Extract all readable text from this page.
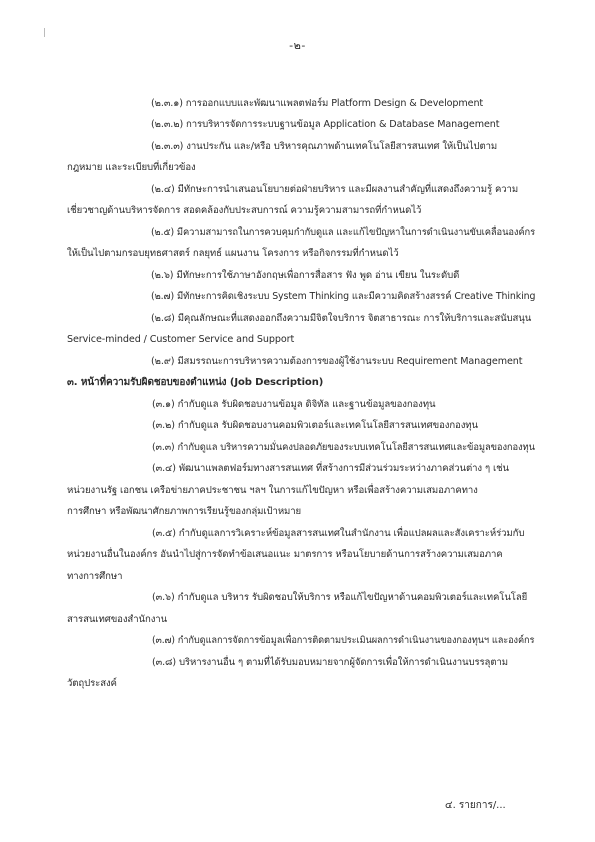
-๒-
(๒.๓.๑) การออกแบบและพัฒนาแพลตฟอร์ม Platform Design & Development
(๒.๓.๒) การบริหารจัดการระบบฐานข้อมูล Application & Database Management
(๒.๓.๓) งานประกัน และ/หรือ บริหารคุณภาพด้านเทคโนโลยีสารสนเทศ ให้เป็นไปตาม
กฎหมาย และระเบียบที่เกี่ยวข้อง
(๒.๔) มีทักษะการนำเสนอนโยบายต่อฝ่ายบริหาร และมีผลงานสำคัญที่แสดงถึงความรู้ ความ
เชี่ยวชาญด้านบริหารจัดการ สอดคล้องกับประสบการณ์ ความรู้ความสามารถที่กำหนดไว้
(๒.๕) มีความสามารถในการควบคุมกำกับดูแล และแก้ไขปัญหาในการดำเนินงานขับเคลื่อนองค์กร
ให้เป็นไปตามกรอบยุทธศาสตร์ กลยุทธ์ แผนงาน โครงการ หรือกิจกรรมที่กำหนดไว้
(๒.๖) มีทักษะการใช้ภาษาอังกฤษเพื่อการสื่อสาร ฟัง พูด อ่าน เขียน ในระดับดี
(๒.๗) มีทักษะการคิดเชิงระบบ System Thinking และมีความคิดสร้างสรรค์ Creative Thinking
(๒.๘) มีคุณลักษณะที่แสดงออกถึงความมีจิตใจบริการ จิตสาธารณะ การให้บริการและสนับสนุน
Service-minded / Customer Service and Support
(๒.๙) มีสมรรถนะการบริหารความต้องการของผู้ใช้งานระบบ Requirement Management
๓. หน้าที่ความรับผิดชอบของตำแหน่ง (Job Description)
(๓.๑) กำกับดูแล รับผิดชอบงานข้อมูล ดิจิทัล และฐานข้อมูลของกองทุน
(๓.๒) กำกับดูแล รับผิดชอบงานคอมพิวเตอร์และเทคโนโลยีสารสนเทศของกองทุน
(๓.๓) กำกับดูแล บริหารความมั่นคงปลอดภัยของระบบเทคโนโลยีสารสนเทศและข้อมูลของกองทุน
(๓.๔) พัฒนาแพลตฟอร์มทางสารสนเทศ ที่สร้างการมีส่วนร่วมระหว่างภาคส่วนต่าง ๆ เช่น
หน่วยงานรัฐ เอกชน เครือข่ายภาคประชาชน ฯลฯ ในการแก้ไขปัญหา หรือเพื่อสร้างความเสมอภาคทาง
การศึกษา หรือพัฒนาศักยภาพการเรียนรู้ของกลุ่มเป้าหมาย
(๓.๕) กำกับดูแลการวิเคราะห์ข้อมูลสารสนเทศในสำนักงาน เพื่อแปลผลและสังเคราะห์ร่วมกับ
หน่วยงานอื่นในองค์กร อันนำไปสู่การจัดทำข้อเสนอแนะ มาตรการ หรือนโยบายด้านการสร้างความเสมอภาค
ทางการศึกษา
(๓.๖) กำกับดูแล บริหาร รับผิดชอบให้บริการ หรือแก้ไขปัญหาด้านคอมพิวเตอร์และเทคโนโลยี
สารสนเทศของสำนักงาน
(๓.๗) กำกับดูแลการจัดการข้อมูลเพื่อการติดตามประเมินผลการดำเนินงานของกองทุนฯ และองค์กร
(๓.๘) บริหารงานอื่น ๆ ตามที่ได้รับมอบหมายจากผู้จัดการเพื่อให้การดำเนินงานบรรลุตาม
วัตถุประสงค์
๔. รายการ/...
